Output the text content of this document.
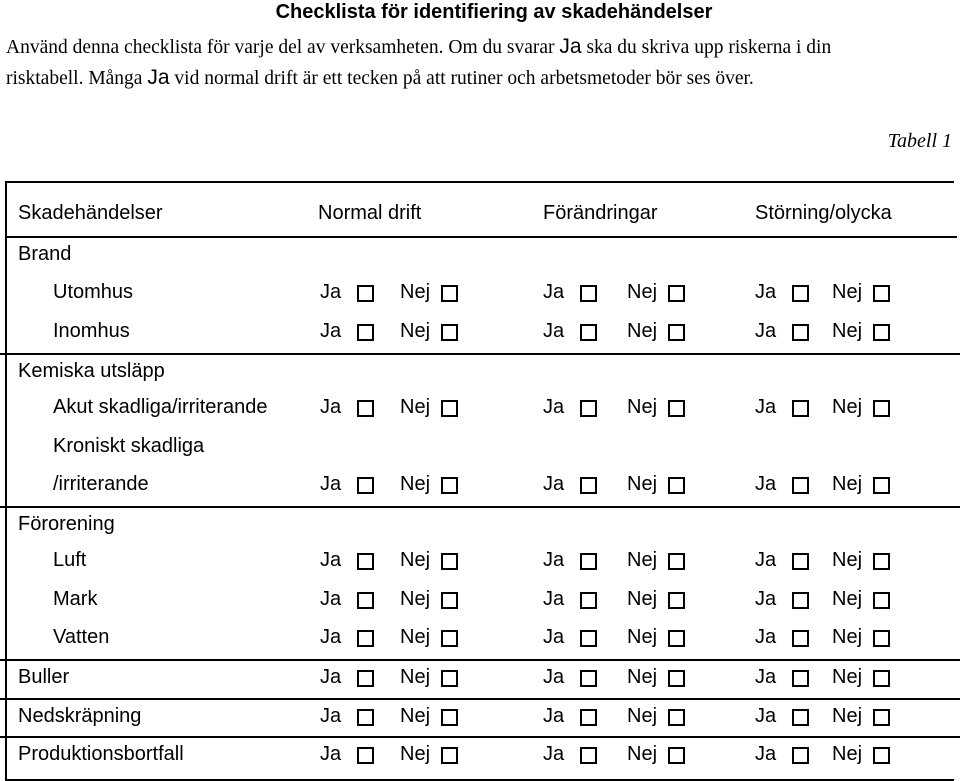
Checklista för identifiering av skadehändelser
Använd denna checklista för varje del av verksamheten. Om du svarar Ja ska du skriva upp riskerna i din
risktabell. Många Ja vid normal drift är ett tecken på att rutiner och arbetsmetoder bör ses över.
Tabell 1
Skadehändelser	Normal drift	Förändringar	Störning/olycka
Brand
Utomhus	Ja	Nej	Ja	Nej	Ja	Nej
Inomhus	Ja	Nej	Ja	Nej	Ja	Nej
Kemiska utsläpp
Akut skadliga/irriterande	Ja	Nej	Ja	Nej	Ja	Nej
Kroniskt skadliga
/irriterande	Ja	Nej	Ja	Nej	Ja	Nej
Förorening
Luft	Ja	Nej	Ja	Nej	Ja	Nej
Mark	Ja	Nej	Ja	Nej	Ja	Nej
Vatten	Ja	Nej	Ja	Nej	Ja	Nej
Buller	Ja	Nej	Ja	Nej	Ja	Nej
Nedskräpning	Ja	Nej	Ja	Nej	Ja	Nej
Produktionsbortfall	Ja	Nej	Ja	Nej	Ja	Nej
